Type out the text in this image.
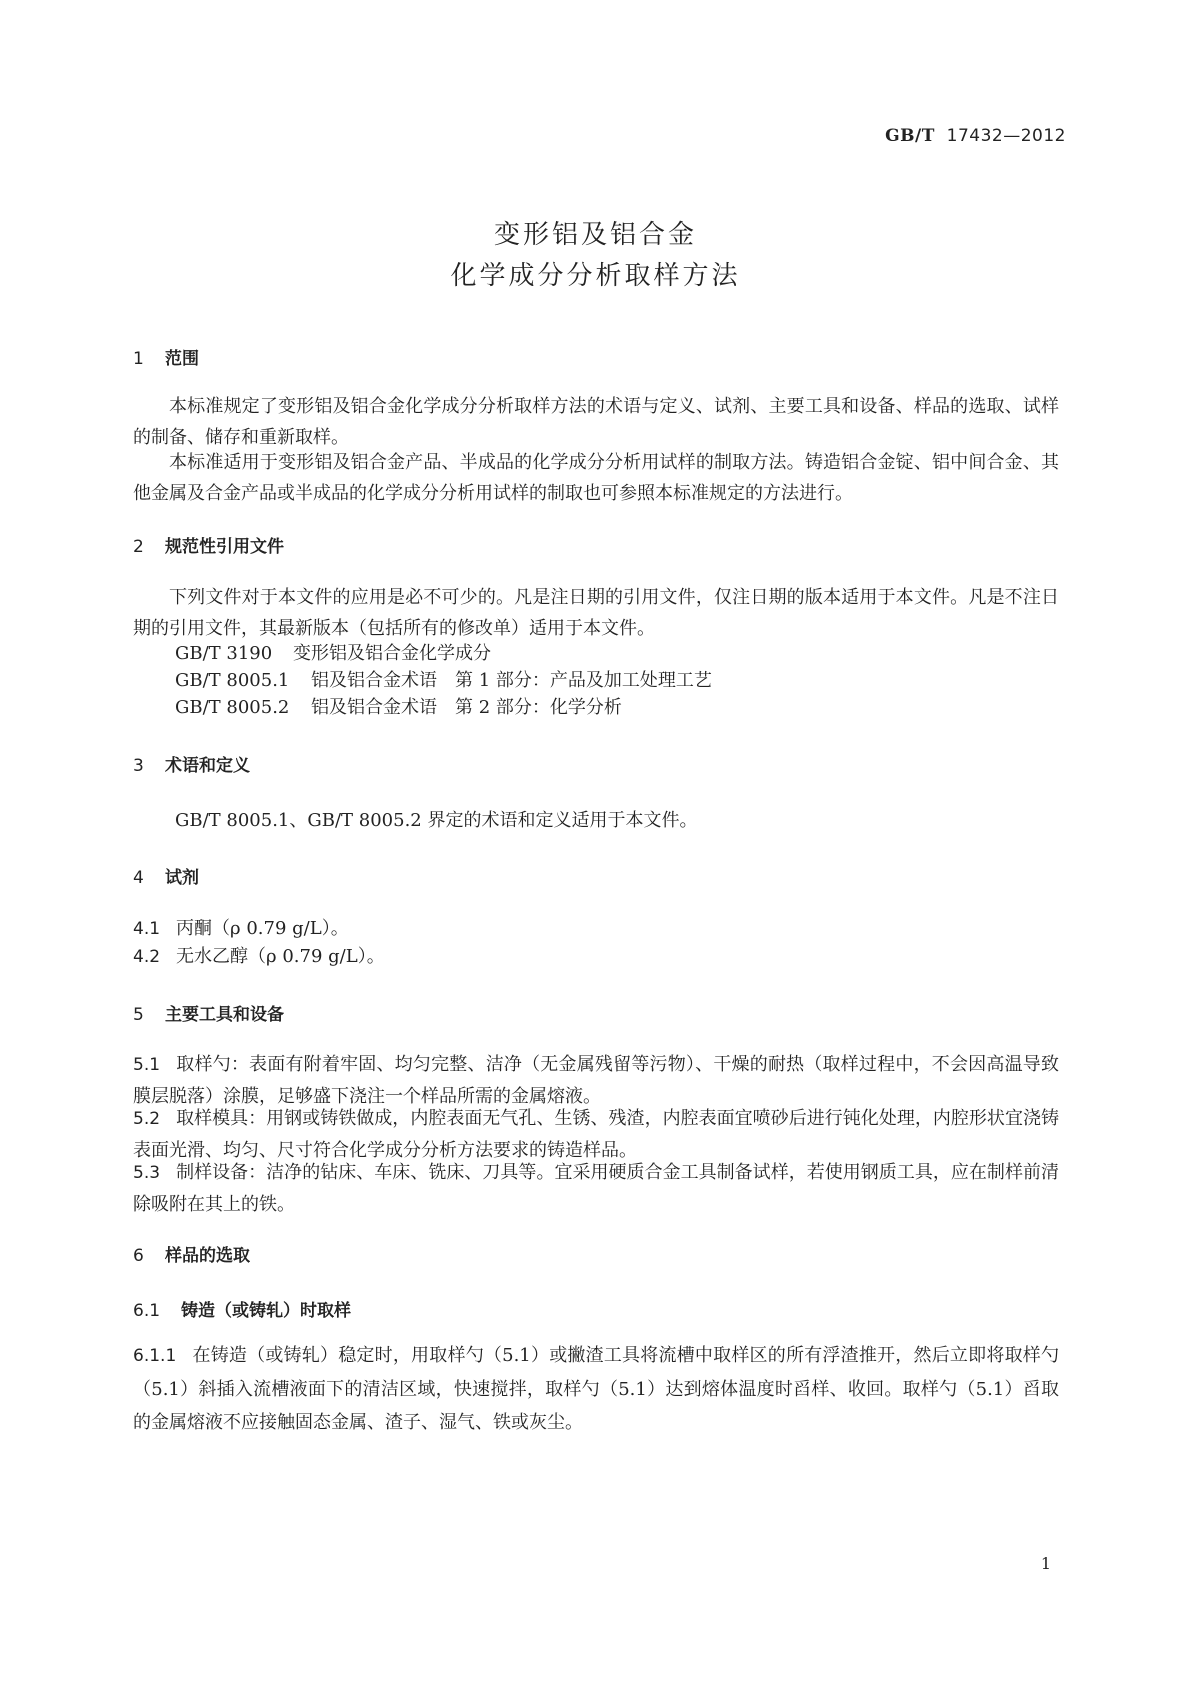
GB/T 17432—2012
变形铝及铝合金
化学成分分析取样方法
1 范围
本标准规定了变形铝及铝合金化学成分分析取样方法的术语与定义、试剂、主要工具和设备、样品的选取、试样的制备、储存和重新取样。
本标准适用于变形铝及铝合金产品、半成品的化学成分分析用试样的制取方法。铸造铝合金锭、铝中间合金、其他金属及合金产品或半成品的化学成分分析用试样的制取也可参照本标准规定的方法进行。
2 规范性引用文件
下列文件对于本文件的应用是必不可少的。凡是注日期的引用文件，仅注日期的版本适用于本文件。凡是不注日期的引用文件，其最新版本（包括所有的修改单）适用于本文件。
GB/T 3190 变形铝及铝合金化学成分
GB/T 8005.1 铝及铝合金术语　第 1 部分：产品及加工处理工艺
GB/T 8005.2 铝及铝合金术语　第 2 部分：化学分析
3 术语和定义
GB/T 8005.1、GB/T 8005.2 界定的术语和定义适用于本文件。
4 试剂
4.1 丙酮（ρ 0.79 g/L）。
4.2 无水乙醇（ρ 0.79 g/L）。
5 主要工具和设备
5.1 取样勺：表面有附着牢固、均匀完整、洁净（无金属残留等污物）、干燥的耐热（取样过程中，不会因高温导致膜层脱落）涂膜，足够盛下浇注一个样品所需的金属熔液。
5.2 取样模具：用钢或铸铁做成，内腔表面无气孔、生锈、残渣，内腔表面宜喷砂后进行钝化处理，内腔形状宜浇铸表面光滑、均匀、尺寸符合化学成分分析方法要求的铸造样品。
5.3 制样设备：洁净的钻床、车床、铣床、刀具等。宜采用硬质合金工具制备试样，若使用钢质工具，应在制样前清除吸附在其上的铁。
6 样品的选取
6.1 铸造（或铸轧）时取样
6.1.1 在铸造（或铸轧）稳定时，用取样勺（5.1）或撇渣工具将流槽中取样区的所有浮渣推开，然后立即将取样勺（5.1）斜插入流槽液面下的清洁区域，快速搅拌，取样勺（5.1）达到熔体温度时舀样、收回。取样勺（5.1）舀取的金属熔液不应接触固态金属、渣子、湿气、铁或灰尘。
1
